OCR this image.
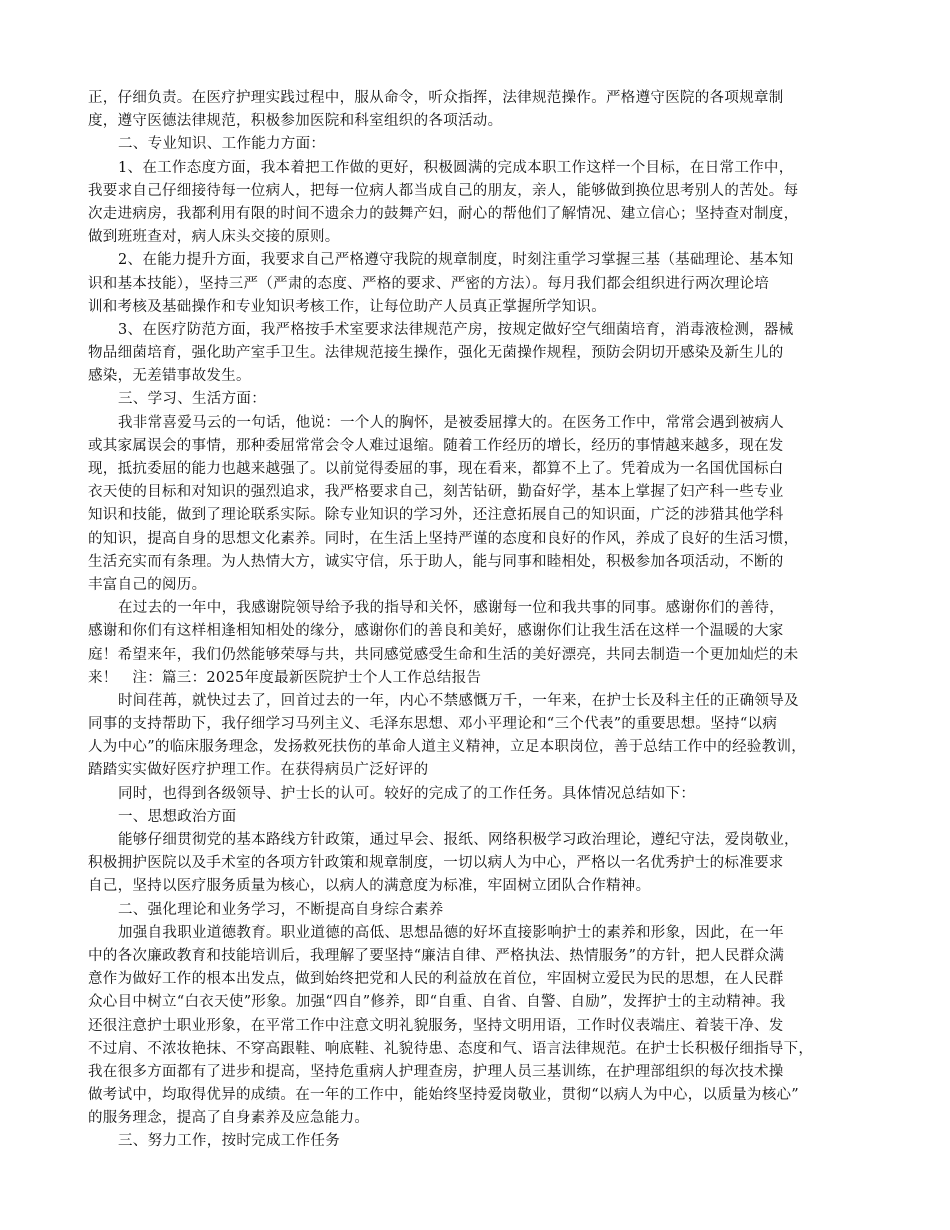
正，仔细负责。在医疗护理实践过程中，服从命令，听众指挥，法律规范操作。严格遵守医院的各项规章制
度，遵守医德法律规范，积极参加医院和科室组织的各项活动。
二、专业知识、工作能力方面：
1、在工作态度方面，我本着把工作做的更好，积极圆满的完成本职工作这样一个目标，在日常工作中，
我要求自己仔细接待每一位病人，把每一位病人都当成自己的朋友，亲人，能够做到换位思考别人的苦处。每
次走进病房，我都利用有限的时间不遗余力的鼓舞产妇，耐心的帮他们了解情况、建立信心；坚持查对制度，
做到班班查对，病人床头交接的原则。
2、在能力提升方面，我要求自己严格遵守我院的规章制度，时刻注重学习掌握三基（基础理论、基本知
识和基本技能），坚持三严（严肃的态度、严格的要求、严密的方法）。每月我们都会组织进行两次理论培
训和考核及基础操作和专业知识考核工作，让每位助产人员真正掌握所学知识。
3、在医疗防范方面，我严格按手术室要求法律规范产房，按规定做好空气细菌培育，消毒液检测，器械
物品细菌培育，强化助产室手卫生。法律规范接生操作，强化无菌操作规程，预防会阴切开感染及新生儿的
感染，无差错事故发生。
三、学习、生活方面：
我非常喜爱马云的一句话，他说：一个人的胸怀，是被委屈撑大的。在医务工作中，常常会遇到被病人
或其家属误会的事情，那种委屈常常会令人难过退缩。随着工作经历的增长，经历的事情越来越多，现在发
现，抵抗委屈的能力也越来越强了。以前觉得委屈的事，现在看来，都算不上了。凭着成为一名国优国标白
衣天使的目标和对知识的强烈追求，我严格要求自己，刻苦钻研，勤奋好学，基本上掌握了妇产科一些专业
知识和技能，做到了理论联系实际。除专业知识的学习外，还注意拓展自己的知识面，广泛的涉猎其他学科
的知识，提高自身的思想文化素养。同时，在生活上坚持严谨的态度和良好的作风，养成了良好的生活习惯，
生活充实而有条理。为人热情大方，诚实守信，乐于助人，能与同事和睦相处，积极参加各项活动，不断的
丰富自己的阅历。
在过去的一年中，我感谢院领导给予我的指导和关怀，感谢每一位和我共事的同事。感谢你们的善待，
感谢和你们有这样相逢相知相处的缘分，感谢你们的善良和美好，感谢你们让我生活在这样一个温暖的大家
庭！希望来年，我们仍然能够荣辱与共，共同感觉感受生命和生活的美好漂亮，共同去制造一个更加灿烂的未
来！　注：篇三：2025年度最新医院护士个人工作总结报告
时间荏苒，就快过去了，回首过去的一年，内心不禁感慨万千，一年来，在护士长及科主任的正确领导及
同事的支持帮助下，我仔细学习马列主义、毛泽东思想、邓小平理论和“三个代表”的重要思想。坚持“以病
人为中心”的临床服务理念，发扬救死扶伤的革命人道主义精神，立足本职岗位，善于总结工作中的经验教训，
踏踏实实做好医疗护理工作。在获得病员广泛好评的
同时，也得到各级领导、护士长的认可。较好的完成了的工作任务。具体情况总结如下：
一、思想政治方面
能够仔细贯彻党的基本路线方针政策，通过早会、报纸、网络积极学习政治理论，遵纪守法，爱岗敬业，
积极拥护医院以及手术室的各项方针政策和规章制度，一切以病人为中心，严格以一名优秀护士的标准要求
自己，坚持以医疗服务质量为核心，以病人的满意度为标准，牢固树立团队合作精神。
二、强化理论和业务学习，不断提高自身综合素养
加强自我职业道德教育。职业道德的高低、思想品德的好坏直接影响护士的素养和形象，因此，在一年
中的各次廉政教育和技能培训后，我理解了要坚持“廉洁自律、严格执法、热情服务”的方针，把人民群众满
意作为做好工作的根本出发点，做到始终把党和人民的利益放在首位，牢固树立爱民为民的思想，在人民群
众心目中树立“白衣天使”形象。加强“四自”修养，即“自重、自省、自警、自励”，发挥护士的主动精神。我
还很注意护士职业形象，在平常工作中注意文明礼貌服务，坚持文明用语，工作时仪表端庄、着装干净、发
不过肩、不浓妆艳抹、不穿高跟鞋、响底鞋、礼貌待患、态度和气、语言法律规范。在护士长积极仔细指导下，
我在很多方面都有了进步和提高，坚持危重病人护理查房，护理人员三基训练，在护理部组织的每次技术操
做考试中，均取得优异的成绩。在一年的工作中，能始终坚持爱岗敬业，贯彻“以病人为中心，以质量为核心”
的服务理念，提高了自身素养及应急能力。
三、努力工作，按时完成工作任务
